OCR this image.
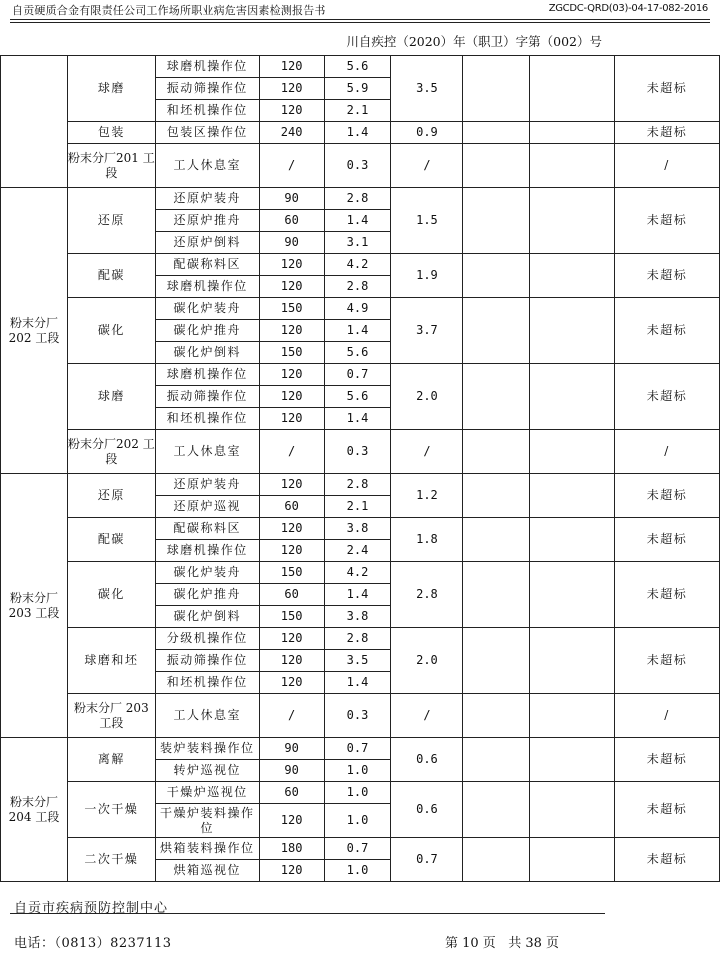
自贡硬质合金有限责任公司工作场所职业病危害因素检测报告书	ZGCDC-QRD(03)-04-17-082-2016
川自疾控（2020）年（职卫）字第（002）号
	球磨	球磨机操作位	120	5.6	3.5			未超标
		振动筛操作位	120	5.9				
		和坯机操作位	120	2.1				
	包装	包装区操作位	240	1.4	0.9			未超标
	粉末分厂201 工段	工人休息室	/	0.3	/			/
粉末分厂 202 工段	还原	还原炉装舟	90	2.8	1.5			未超标
		还原炉推舟	60	1.4				
		还原炉倒料	90	3.1				
	配碳	配碳称料区	120	4.2	1.9			未超标
		球磨机操作位	120	2.8				
	碳化	碳化炉装舟	150	4.9	3.7			未超标
		碳化炉推舟	120	1.4				
		碳化炉倒料	150	5.6				
	球磨	球磨机操作位	120	0.7	2.0			未超标
		振动筛操作位	120	5.6				
		和坯机操作位	120	1.4				
	粉末分厂202 工段	工人休息室	/	0.3	/			/
粉末分厂 203 工段	还原	还原炉装舟	120	2.8	1.2			未超标
		还原炉巡视	60	2.1				
	配碳	配碳称料区	120	3.8	1.8			未超标
		球磨机操作位	120	2.4				
	碳化	碳化炉装舟	150	4.2	2.8			未超标
		碳化炉推舟	60	1.4				
		碳化炉倒料	150	3.8				
	球磨和坯	分级机操作位	120	2.8	2.0			未超标
		振动筛操作位	120	3.5				
		和坯机操作位	120	1.4				
	粉末分厂 203 工段	工人休息室	/	0.3	/			/
粉末分厂 204 工段	离解	装炉装料操作位	90	0.7	0.6			未超标
		转炉巡视位	90	1.0				
	一次干燥	干燥炉巡视位	60	1.0	0.6			未超标
		干燥炉装料操作位	120	1.0				
	二次干燥	烘箱装料操作位	180	0.7	0.7			未超标
		烘箱巡视位	120	1.0				
自贡市疾病预防控制中心
电话：（0813）8237113	第 10 页   共 38 页
